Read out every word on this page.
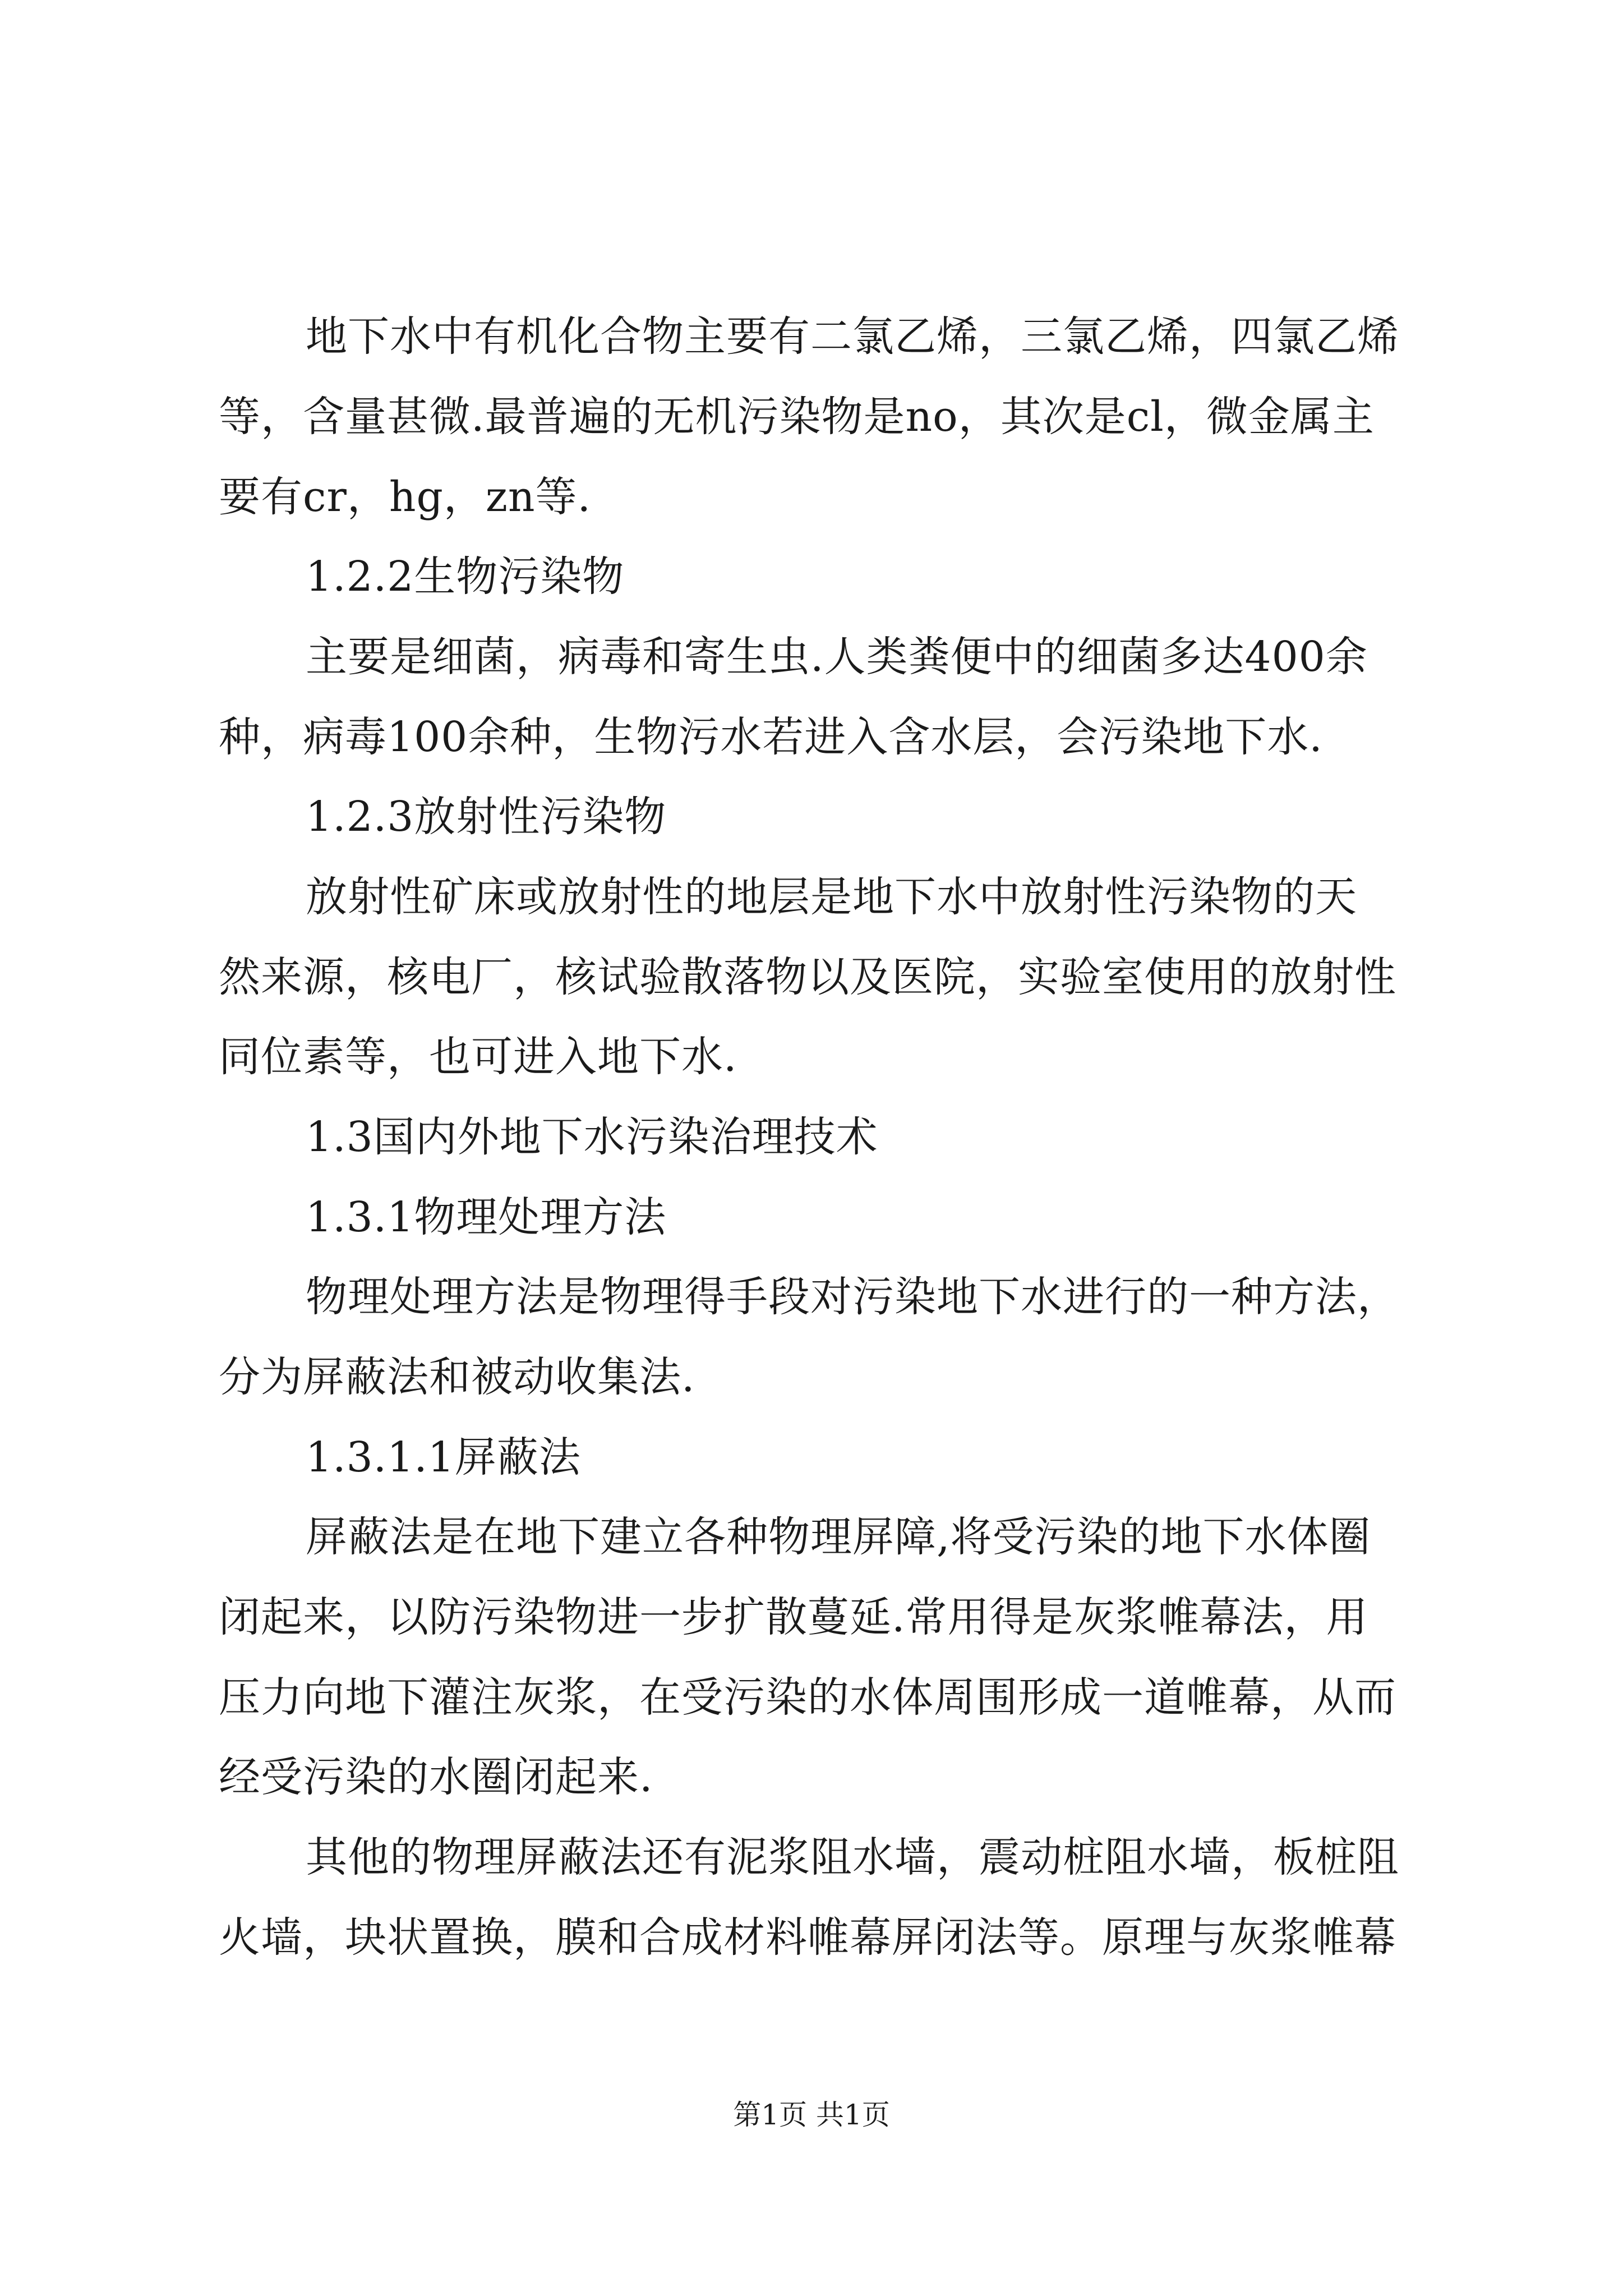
地下水中有机化合物主要有二氯乙烯，三氯乙烯，四氯乙烯
等，含量甚微.最普遍的无机污染物是no，其次是cl，微金属主
要有cr，hg，zn等.
1.2.2生物污染物
主要是细菌，病毒和寄生虫.人类粪便中的细菌多达400余
种，病毒100余种，生物污水若进入含水层，会污染地下水.
1.2.3放射性污染物
放射性矿床或放射性的地层是地下水中放射性污染物的天
然来源，核电厂，核试验散落物以及医院，实验室使用的放射性
同位素等，也可进入地下水.
1.3国内外地下水污染治理技术
1.3.1物理处理方法
物理处理方法是物理得手段对污染地下水进行的一种方法，
分为屏蔽法和被动收集法.
1.3.1.1屏蔽法
屏蔽法是在地下建立各种物理屏障,将受污染的地下水体圈
闭起来，以防污染物进一步扩散蔓延.常用得是灰浆帷幕法，用
压力向地下灌注灰浆，在受污染的水体周围形成一道帷幕，从而
经受污染的水圈闭起来.
其他的物理屏蔽法还有泥浆阻水墙，震动桩阻水墙，板桩阻
火墙，块状置换，膜和合成材料帷幕屏闭法等。原理与灰浆帷幕
第1页 共1页
